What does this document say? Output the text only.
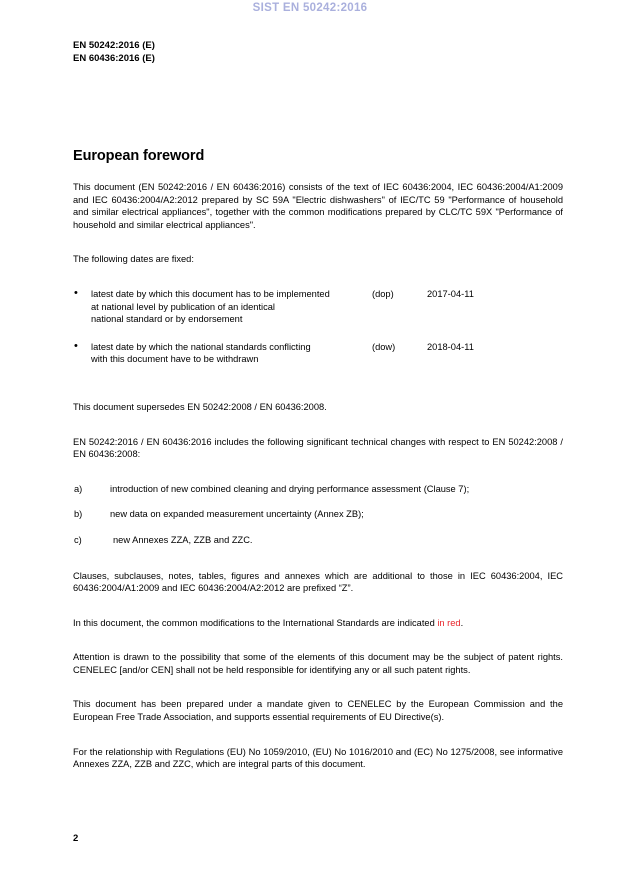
SIST EN 50242:2016
EN 50242:2016 (E)
EN 60436:2016 (E)
European foreword

This document (EN 50242:2016 / EN 60436:2016) consists of the text of IEC 60436:2004, IEC 60436:2004/A1:2009 and IEC 60436:2004/A2:2012 prepared by SC 59A "Electric dishwashers" of IEC/TC 59 "Performance of household and similar electrical appliances", together with the common modifications prepared by CLC/TC 59X "Performance of household and similar electrical appliances".

The following dates are fixed:

• latest date by which this document has to be implemented	(dop)	2017-04-11
at national level by publication of an identical
national standard or by endorsement
• latest date by which the national standards conflicting	(dow)	2018-04-11
with this document have to be withdrawn

This document supersedes EN 50242:2008 / EN 60436:2008.

EN 50242:2016 / EN 60436:2016 includes the following significant technical changes with respect to EN 50242:2008 / EN 60436:2008:

a)	introduction of new combined cleaning and drying performance assessment (Clause 7);
b)	new data on expanded measurement uncertainty (Annex ZB);
c)	new Annexes ZZA, ZZB and ZZC.

Clauses, subclauses, notes, tables, figures and annexes which are additional to those in IEC 60436:2004, IEC 60436:2004/A1:2009 and IEC 60436:2004/A2:2012 are prefixed “Z”.

In this document, the common modifications to the International Standards are indicated in red.

Attention is drawn to the possibility that some of the elements of this document may be the subject of patent rights. CENELEC [and/or CEN] shall not be held responsible for identifying any or all such patent rights.

This document has been prepared under a mandate given to CENELEC by the European Commission and the European Free Trade Association, and supports essential requirements of EU Directive(s).

For the relationship with Regulations (EU) No 1059/2010, (EU) No 1016/2010 and (EC) No 1275/2008, see informative Annexes ZZA, ZZB and ZZC, which are integral parts of this document.

2
